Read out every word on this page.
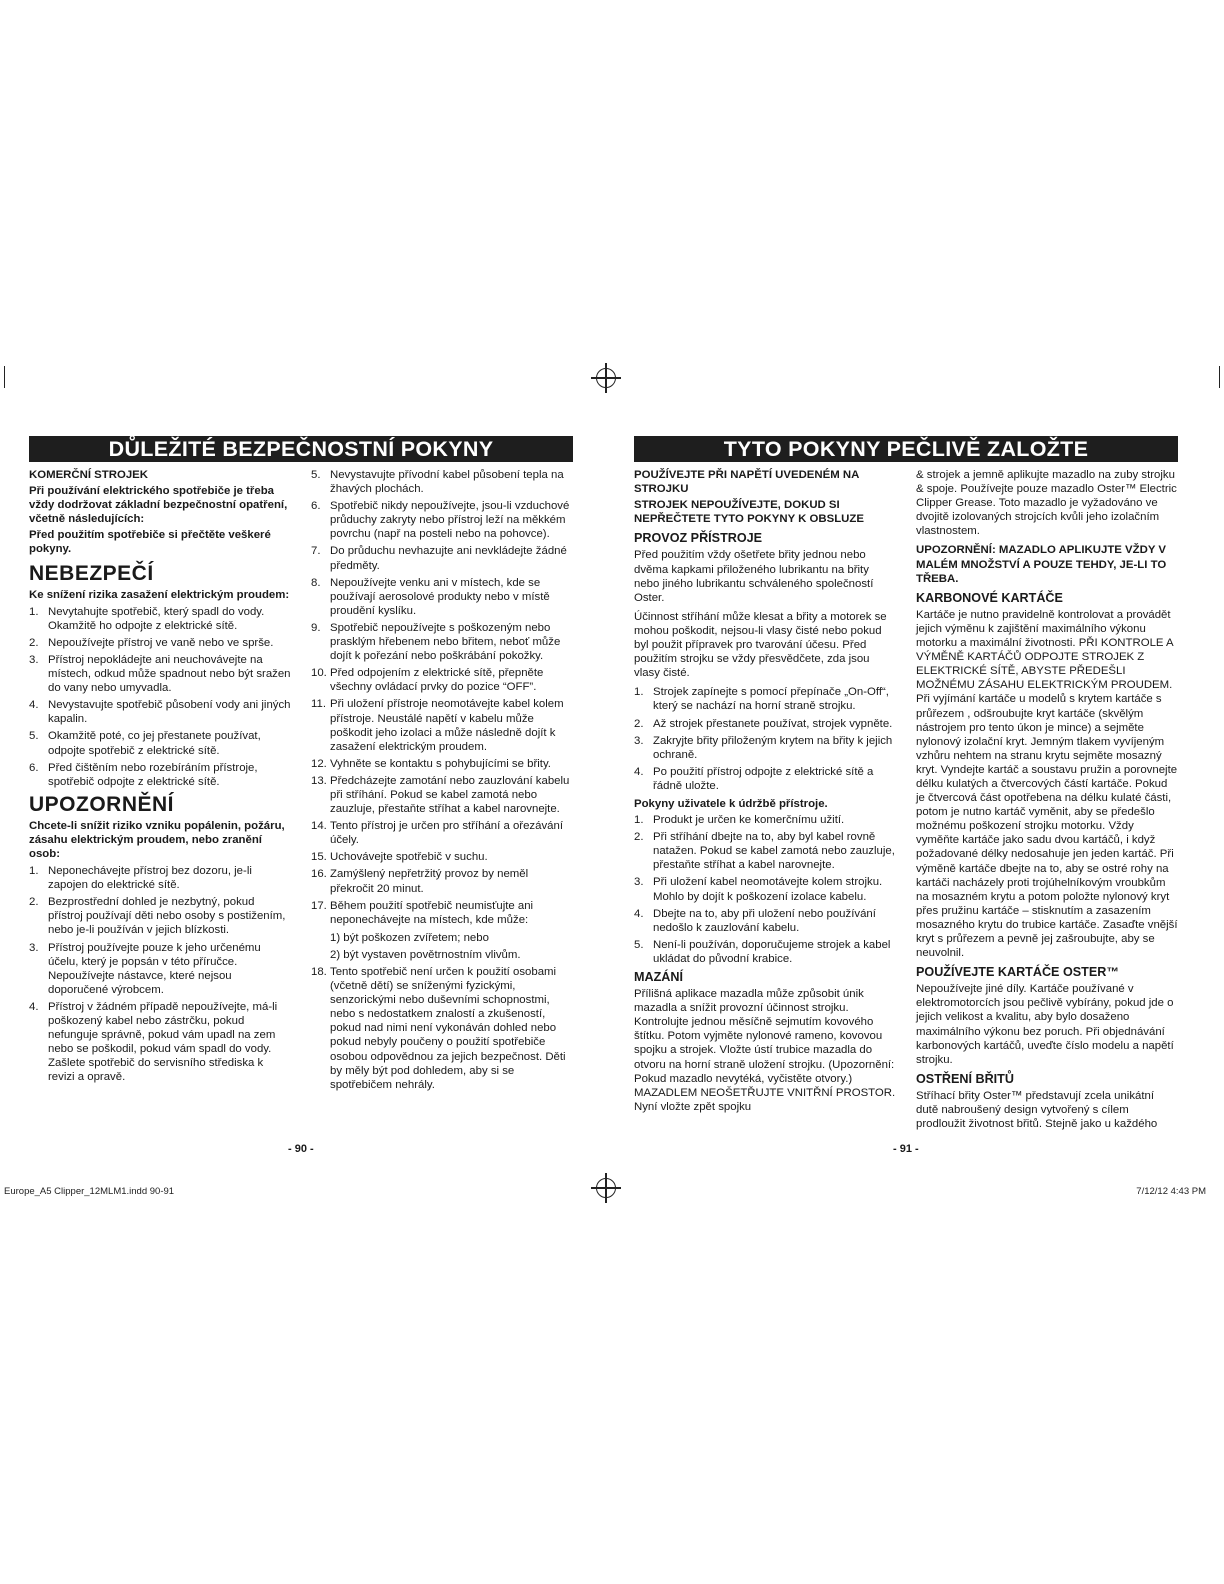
Europe_A5 Clipper_12MLM1.indd 90-91	7/12/12 4:43 PM
DŮLEŽITÉ BEZPEČNOSTNÍ POKYNY

KOMERČNÍ STROJEK

Při používání elektrického spotřebiče je třeba vždy dodržovat základní bezpečnostní opatření, včetně následujících:

Před použitím spotřebiče si přečtěte veškeré pokyny.

NEBEZPEČÍ

Ke snížení rizika zasažení elektrickým proudem:

1. Nevytahujte spotřebič, který spadl do vody. Okamžitě ho odpojte z elektrické sítě.
2. Nepoužívejte přístroj ve vaně nebo ve sprše.
3. Přístroj nepokládejte ani neuchovávejte na místech, odkud může spadnout nebo být sražen do vany nebo umyvadla.
4. Nevystavujte spotřebič působení vody ani jiných kapalin.
5. Okamžitě poté, co jej přestanete používat, odpojte spotřebič z elektrické sítě.
6. Před čištěním nebo rozebíráním přístroje, spotřebič odpojte z elektrické sítě.
UPOZORNĚNÍ

Chcete-li snížit riziko vzniku popálenin, požáru, zásahu elektrickým proudem, nebo zranění osob:

1. Neponechávejte přístroj bez dozoru, je-li zapojen do elektrické sítě.
2. Bezprostřední dohled je nezbytný, pokud přístroj používají děti nebo osoby s postižením, nebo je-li používán v jejich blízkosti.
3. Přístroj používejte pouze k jeho určenému účelu, který je popsán v této příručce. Nepoužívejte nástavce, které nejsou doporučené výrobcem.
4. Přístroj v žádném případě nepoužívejte, má-li poškozený kabel nebo zástrčku, pokud nefunguje správně, pokud vám upadl na zem nebo se poškodil, pokud vám spadl do vody. Zašlete spotřebič do servisního střediska k revizi a opravě.
5. Nevystavujte přívodní kabel působení tepla na žhavých plochách.
6. Spotřebič nikdy nepoužívejte, jsou-li vzduchové průduchy zakryty nebo přístroj leží na měkkém povrchu (např na posteli nebo na pohovce).
7. Do průduchu nevhazujte ani nevkládejte žádné předměty.
8. Nepoužívejte venku ani v místech, kde se používají aerosolové produkty nebo v místě proudění kyslíku.
9. Spotřebič nepoužívejte s poškozeným nebo prasklým hřebenem nebo břitem, neboť může dojít k pořezání nebo poškrábání pokožky.
10. Před odpojením z elektrické sítě, přepněte všechny ovládací prvky do pozice “OFF”.
11. Při uložení přístroje neomotávejte kabel kolem přístroje. Neustálé napětí v kabelu může poškodit jeho izolaci a může následně dojít k zasažení elektrickým proudem.
12. Vyhněte se kontaktu s pohybujícími se břity.
13. Předcházejte zamotání nebo zauzlování kabelu při stříhání. Pokud se kabel zamotá nebo zauzluje, přestaňte stříhat a kabel narovnejte.
14. Tento přístroj je určen pro stříhání a ořezávání účely.
15. Uchovávejte spotřebič v suchu.
16. Zamýšlený nepřetržitý provoz by neměl překročit 20 minut.
17. Během použití spotřebič neumisťujte ani neponechávejte na místech, kde může:
1) být poškozen zvířetem; nebo
2) být vystaven povětrnostním vlivům.
18. Tento spotřebič není určen k použití osobami (včetně dětí) se sníženými fyzickými, senzorickými nebo duševními schopnostmi, nebo s nedostatkem znalostí a zkušeností, pokud nad nimi není vykonáván dohled nebo pokud nebyly poučeny o použití spotřebiče osobou odpovědnou za jejich bezpečnost. Děti by měly být pod dohledem, aby si se spotřebičem nehrály.
- 90 -
TYTO POKYNY PEČLIVĚ ZALOŽTE

POUŽÍVEJTE PŘI NAPĚTÍ UVEDENÉM NA STROJKU

STROJEK NEPOUŽÍVEJTE, DOKUD SI NEPŘEČTETE TYTO POKYNY K OBSLUZE

PROVOZ PŘÍSTROJE

Před použitím vždy ošetřete břity jednou nebo dvěma kapkami přiloženého lubrikantu na břity nebo jiného lubrikantu schváleného společností Oster.

Účinnost stříhání může klesat a břity a motorek se mohou poškodit, nejsou-li vlasy čisté nebo pokud byl použit přípravek pro tvarování účesu. Před použitím strojku se vždy přesvědčete, zda jsou vlasy čisté.

1. Strojek zapínejte s pomocí přepínače „On-Off“, který se nachází na horní straně strojku.
2. Až strojek přestanete používat, strojek vypněte.
3. Zakryjte břity přiloženým krytem na břity k jejich ochraně.
4. Po použití přístroj odpojte z elektrické sítě a řádně uložte.

Pokyny uživatele k údržbě přístroje.

1. Produkt je určen ke komerčnímu užití.
2. Při stříhání dbejte na to, aby byl kabel rovně natažen. Pokud se kabel zamotá nebo zauzluje, přestaňte stříhat a kabel narovnejte.
3. Při uložení kabel neomotávejte kolem strojku. Mohlo by dojít k poškození izolace kabelu.
4. Dbejte na to, aby při uložení nebo používání nedošlo k zauzlování kabelu.
5. Není-li používán, doporučujeme strojek a kabel ukládat do původní krabice.
MAZÁNÍ

Přílišná aplikace mazadla může způsobit únik mazadla a snížit provozní účinnost strojku. Kontrolujte jednou měsíčně sejmutím kovového štítku. Potom vyjměte nylonové rameno, kovovou spojku a strojek. Vložte ústí trubice mazadla do otvoru na horní straně uložení strojku. (Upozornění: Pokud mazadlo nevytéká, vyčistěte otvory.) MAZADLEM NEOŠETŘUJTE VNITŘNÍ PROSTOR. Nyní vložte zpět spojku

& strojek a jemně aplikujte mazadlo na zuby strojku & spoje. Používejte pouze mazadlo Oster™ Electric Clipper Grease. Toto mazadlo je vyžadováno ve dvojitě izolovaných strojcích kvůli jeho izolačním vlastnostem.

UPOZORNĚNÍ: MAZADLO APLIKUJTE VŽDY V MALÉM MNOŽSTVÍ A POUZE TEHDY, JE-LI TO TŘEBA.

KARBONOVÉ KARTÁČE

Kartáče je nutno pravidelně kontrolovat a provádět jejich výměnu k zajištění maximálního výkonu motorku a maximální životnosti. PŘI KONTROLE A VÝMĚNĚ KARTÁČŮ ODPOJTE STROJEK Z ELEKTRICKÉ SÍTĚ, ABYSTE PŘEDEŠLI MOŽNÉMU ZÁSAHU ELEKTRICKÝM PROUDEM. Při vyjímání kartáče u modelů s krytem kartáče s průřezem , odšroubujte kryt kartáče (skvělým nástrojem pro tento úkon je mince) a sejměte nylonový izolační kryt. Jemným tlakem vyvíjeným vzhůru nehtem na stranu krytu sejměte mosazný kryt. Vyndejte kartáč a soustavu pružin a porovnejte délku kulatých a čtvercových částí kartáče. Pokud je čtvercová část opotřebena na délku kulaté části, potom je nutno kartáč vyměnit, aby se předešlo možnému poškození strojku motorku. Vždy vyměňte kartáče jako sadu dvou kartáčů, i když požadované délky nedosahuje jen jeden kartáč. Při výměně kartáče dbejte na to, aby se ostré rohy na kartáči nacházely proti trojúhelníkovým vroubkům na mosazném krytu a potom položte nylonový kryt přes pružinu kartáče – stisknutím a zasazením mosazného krytu do trubice kartáče. Zasaďte vnější kryt s průřezem a pevně jej zašroubujte, aby se neuvolnil.

POUŽÍVEJTE KARTÁČE OSTER™

Nepoužívejte jiné díly. Kartáče používané v elektromotorcích jsou pečlivě vybírány, pokud jde o jejich velikost a kvalitu, aby bylo dosaženo maximálního výkonu bez poruch. Při objednávání karbonových kartáčů, uveďte číslo modelu a napětí strojku.

OSTŘENÍ BŘITŮ

Stříhací břity Oster™ představují zcela unikátní dutě nabroušený design vytvořený s cílem prodloužit životnost břitů. Stejně jako u každého

- 91 -
